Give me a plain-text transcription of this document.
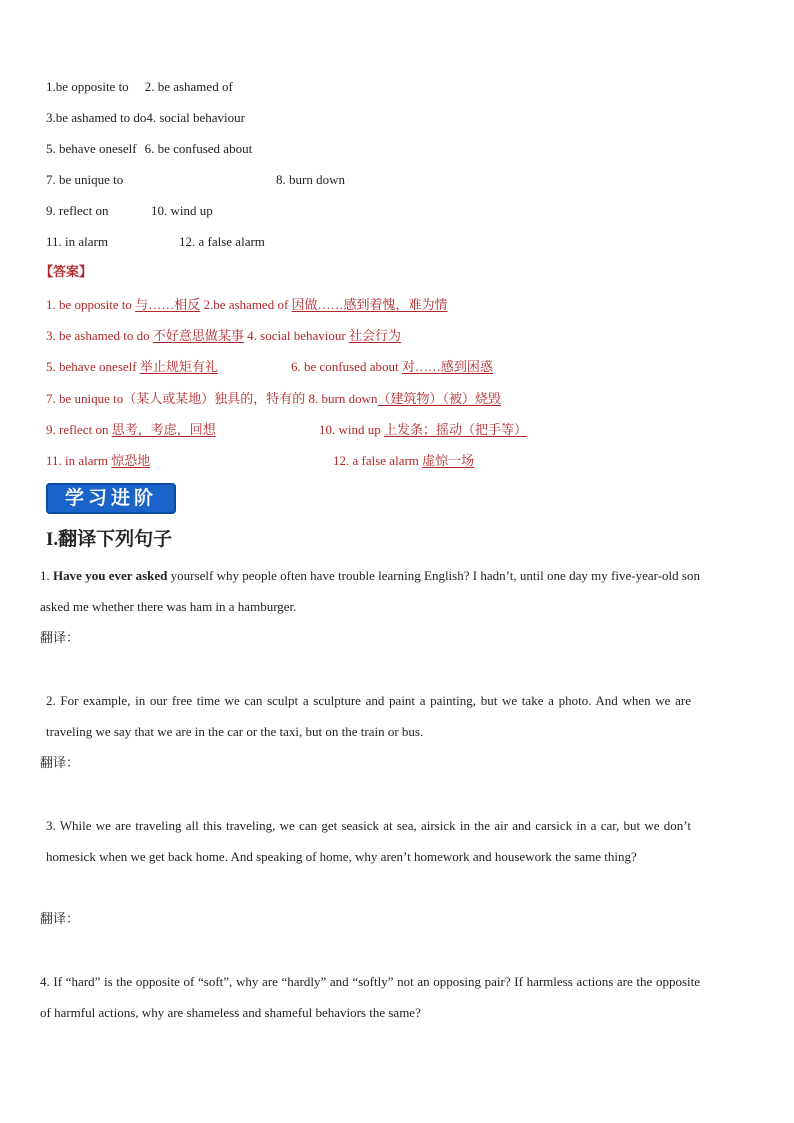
1.be opposite to 2. be ashamed of
3.be ashamed to do4. social behaviour
5. behave oneself 6. be confused about
7. be unique to	8. burn down
9. reflect on	10. wind up
11. in alarm	12. a false alarm
【答案】
1. be opposite to 与……相反 2.be ashamed of 因做……感到着愧，难为情
3. be ashamed to do 不好意思做某事 4. social behaviour 社会行为
5. behave oneself 举止规矩有礼	6. be confused about 对……感到困惑
7. be unique to（某人或某地）独具的，特有的 8. burn down（建筑物）（被）烧毁
9. reflect on 思考，考虑，回想	10. wind up 上发条；摇动（把手等）
11. in alarm 惊恐地	12. a false alarm 虚惊一场
学习进阶
I.翻译下列句子
1. Have you ever asked yourself why people often have trouble learning English? I hadn’t, until one day my five-year-old son asked me whether there was ham in a hamburger.
翻译：
2. For example, in our free time we can sculpt a sculpture and paint a painting, but we take a photo. And when we are traveling we say that we are in the car or the taxi, but on the train or bus.
翻译：
3. While we are traveling all this traveling, we can get seasick at sea, airsick in the air and carsick in a car, but we don’t homesick when we get back home. And speaking of home, why aren’t homework and housework the same thing?
翻译：
4. If “hard” is the opposite of “soft”, why are “hardly” and “softly” not an opposing pair? If harmless actions are the opposite of harmful actions, why are shameless and shameful behaviors the same?
